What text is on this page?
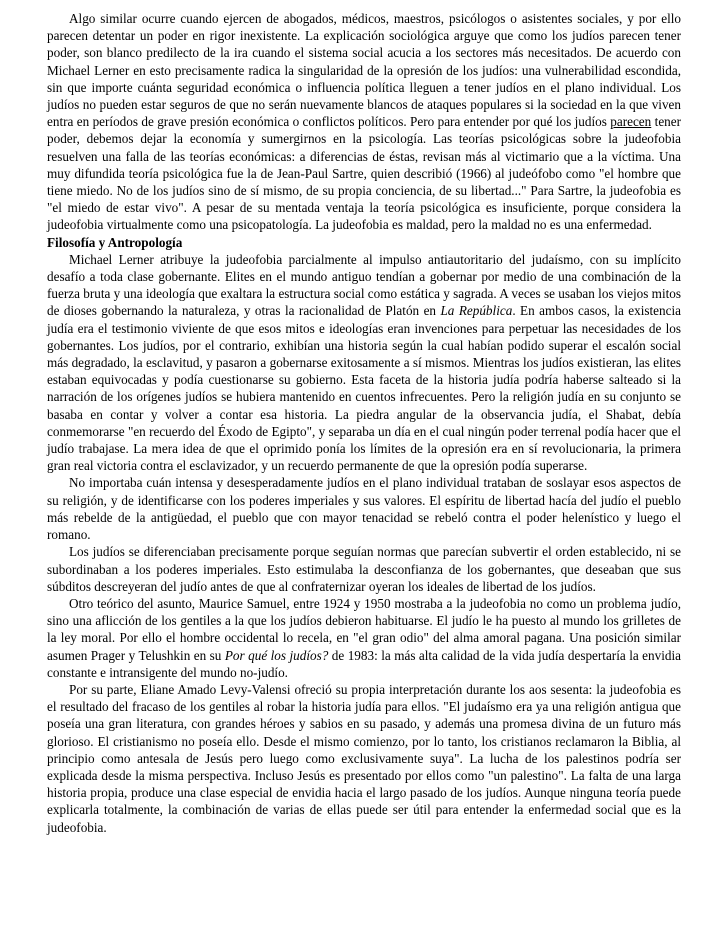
Algo similar ocurre cuando ejercen de abogados, médicos, maestros, psicólogos o asistentes sociales, y por ello parecen detentar un poder en rigor inexistente. La explicación sociológica arguye que como los judíos parecen tener poder, son blanco predilecto de la ira cuando el sistema social acucia a los sectores más necesitados. De acuerdo con Michael Lerner en esto precisamente radica la singularidad de la opresión de los judíos: una vulnerabilidad escondida, sin que importe cuánta seguridad económica o influencia política lleguen a tener judíos en el plano individual. Los judíos no pueden estar seguros de que no serán nuevamente blancos de ataques populares si la sociedad en la que viven entra en períodos de grave presión económica o conflictos políticos. Pero para entender por qué los judíos parecen tener poder, debemos dejar la economía y sumergirnos en la psicología. Las teorías psicológicas sobre la judeofobia resuelven una falla de las teorías económicas: a diferencias de éstas, revisan más al victimario que a la víctima. Una muy difundida teoría psicológica fue la de Jean-Paul Sartre, quien describió (1966) al judeófobo como "el hombre que tiene miedo. No de los judíos sino de sí mismo, de su propia conciencia, de su libertad..." Para Sartre, la judeofobia es "el miedo de estar vivo". A pesar de su mentada ventaja la teoría psicológica es insuficiente, porque considera la judeofobia virtualmente como una psicopatología. La judeofobia es maldad, pero la maldad no es una enfermedad.

Filosofía y Antropología

Michael Lerner atribuye la judeofobia parcialmente al impulso antiautoritario del judaísmo, con su implícito desafío a toda clase gobernante. Elites en el mundo antiguo tendían a gobernar por medio de una combinación de la fuerza bruta y una ideología que exaltara la estructura social como estática y sagrada. A veces se usaban los viejos mitos de dioses gobernando la naturaleza, y otras la racionalidad de Platón en La República. En ambos casos, la existencia judía era el testimonio viviente de que esos mitos e ideologías eran invenciones para perpetuar las necesidades de los gobernantes. Los judíos, por el contrario, exhibían una historia según la cual habían podido superar el escalón social más degradado, la esclavitud, y pasaron a gobernarse exitosamente a sí mismos. Mientras los judíos existieran, las elites estaban equivocadas y podía cuestionarse su gobierno. Esta faceta de la historia judía podría haberse salteado si la narración de los orígenes judíos se hubiera mantenido en cuentos infrecuentes. Pero la religión judía en su conjunto se basaba en contar y volver a contar esa historia. La piedra angular de la observancia judía, el Shabat, debía conmemorarse "en recuerdo del Éxodo de Egipto", y separaba un día en el cual ningún poder terrenal podía hacer que el judío trabajase. La mera idea de que el oprimido ponía los límites de la opresión era en sí revolucionaria, la primera gran real victoria contra el esclavizador, y un recuerdo permanente de que la opresión podía superarse.

No importaba cuán intensa y desesperadamente judíos en el plano individual trataban de soslayar esos aspectos de su religión, y de identificarse con los poderes imperiales y sus valores. El espíritu de libertad hacía del judío el pueblo más rebelde de la antigüedad, el pueblo que con mayor tenacidad se rebeló contra el poder helenístico y luego el romano.

Los judíos se diferenciaban precisamente porque seguían normas que parecían subvertir el orden establecido, ni se subordinaban a los poderes imperiales. Esto estimulaba la desconfianza de los gobernantes, que deseaban que sus súbditos descreyeran del judío antes de que al confraternizar oyeran los ideales de libertad de los judíos.

Otro teórico del asunto, Maurice Samuel, entre 1924 y 1950 mostraba a la judeofobia no como un problema judío, sino una aflicción de los gentiles a la que los judíos debieron habituarse. El judío le ha puesto al mundo los grilletes de la ley moral. Por ello el hombre occidental lo recela, en "el gran odio" del alma amoral pagana. Una posición similar asumen Prager y Telushkin en su Por qué los judíos? de 1983: la más alta calidad de la vida judía despertaría la envidia constante e intransigente del mundo no-judío.

Por su parte, Eliane Amado Levy-Valensi ofreció su propia interpretación durante los aos sesenta: la judeofobia es el resultado del fracaso de los gentiles al robar la historia judía para ellos. "El judaísmo era ya una religión antigua que poseía una gran literatura, con grandes héroes y sabios en su pasado, y además una promesa divina de un futuro más glorioso. El cristianismo no poseía ello. Desde el mismo comienzo, por lo tanto, los cristianos reclamaron la Biblia, al principio como antesala de Jesús pero luego como exclusivamente suya". La lucha de los palestinos podría ser explicada desde la misma perspectiva. Incluso Jesús es presentado por ellos como "un palestino". La falta de una larga historia propia, produce una clase especial de envidia hacia el largo pasado de los judíos. Aunque ninguna teoría puede explicarla totalmente, la combinación de varias de ellas puede ser útil para entender la enfermedad social que es la judeofobia.
